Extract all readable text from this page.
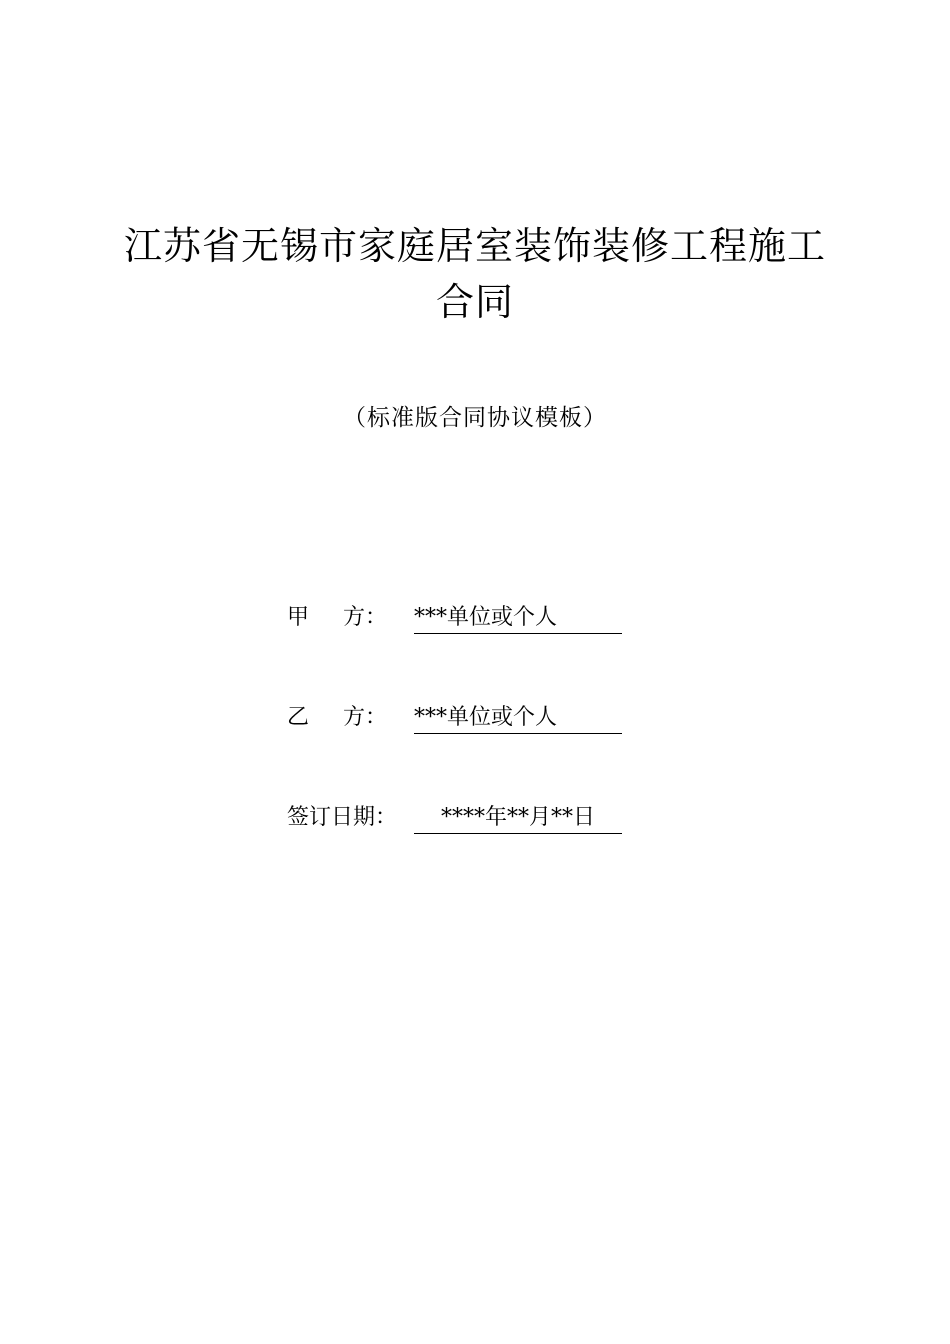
江苏省无锡市家庭居室装饰装修工程施工
合同
（标准版合同协议模板）
甲 方： ***单位或个人
乙 方： ***单位或个人
签订日期： ****年**月**日
